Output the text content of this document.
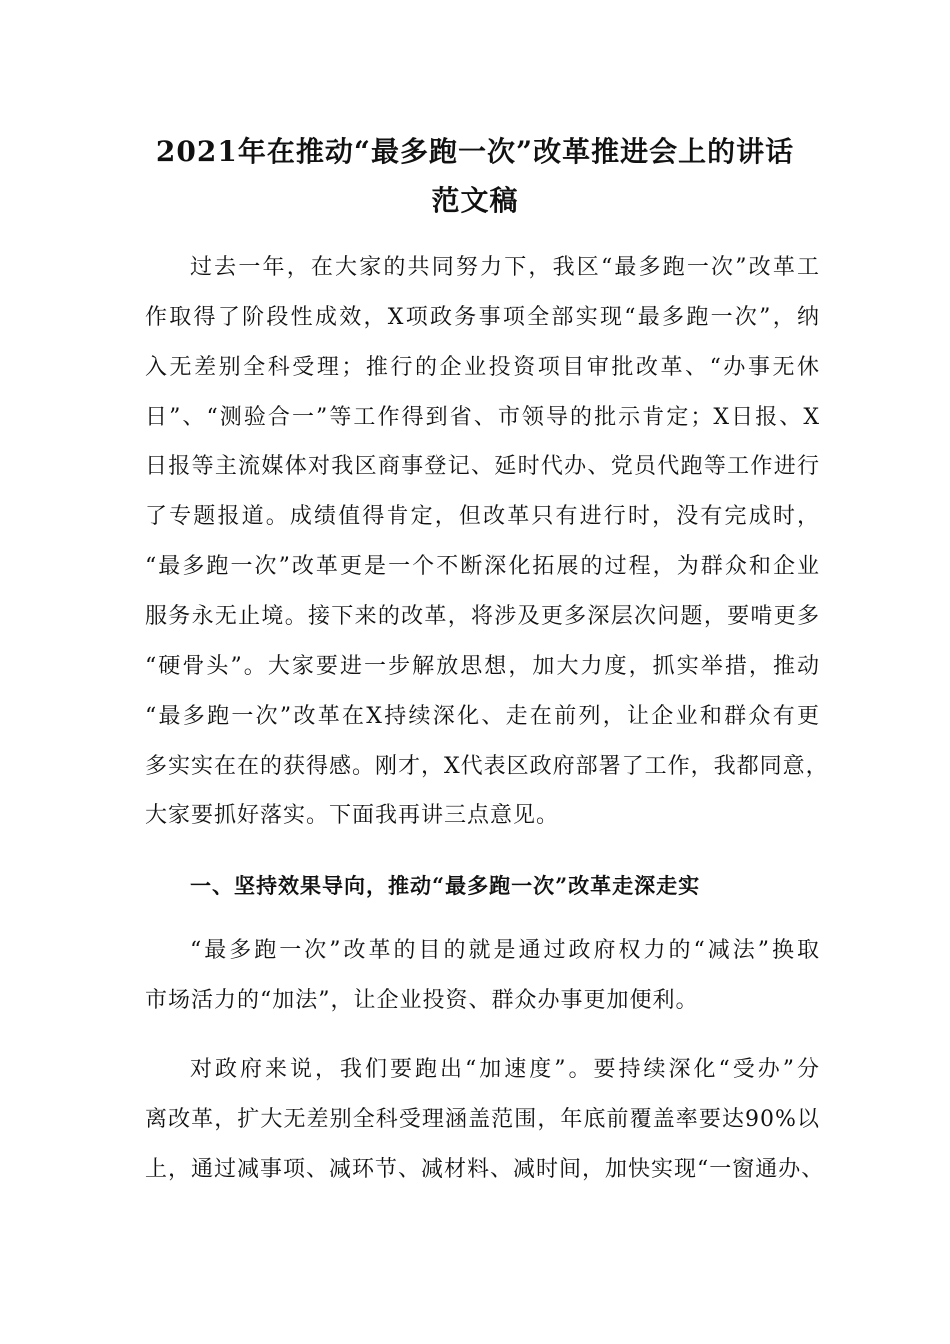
2021年在推动“最多跑一次”改革推进会上的讲话
范文稿
过去一年，在大家的共同努力下，我区“最多跑一次”改革工
作取得了阶段性成效，X项政务事项全部实现“最多跑一次”，纳
入无差别全科受理；推行的企业投资项目审批改革、“办事无休
日”、“测验合一”等工作得到省、市领导的批示肯定；X日报、X
日报等主流媒体对我区商事登记、延时代办、党员代跑等工作进行
了专题报道。成绩值得肯定，但改革只有进行时，没有完成时，
“最多跑一次”改革更是一个不断深化拓展的过程，为群众和企业
服务永无止境。接下来的改革，将涉及更多深层次问题，要啃更多
“硬骨头”。大家要进一步解放思想，加大力度，抓实举措，推动
“最多跑一次”改革在X持续深化、走在前列，让企业和群众有更
多实实在在的获得感。刚才，X代表区政府部署了工作，我都同意，
大家要抓好落实。下面我再讲三点意见。
一、坚持效果导向，推动“最多跑一次”改革走深走实
“最多跑一次”改革的目的就是通过政府权力的“减法”换取
市场活力的“加法”，让企业投资、群众办事更加便利。
对政府来说，我们要跑出“加速度”。要持续深化“受办”分
离改革，扩大无差别全科受理涵盖范围，年底前覆盖率要达90%以
上，通过减事项、减环节、减材料、减时间，加快实现“一窗通办、
